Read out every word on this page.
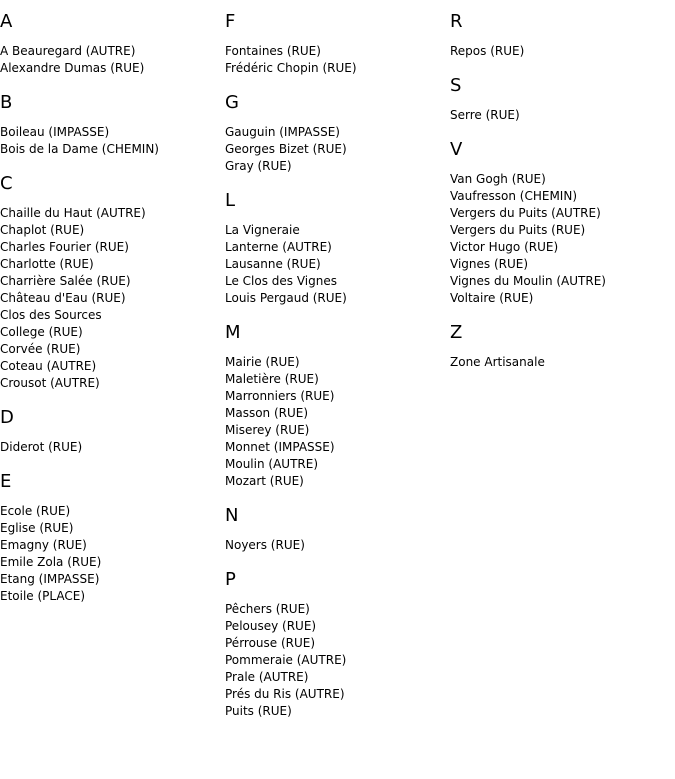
A
A Beauregard (AUTRE)
Alexandre Dumas (RUE)
B
Boileau (IMPASSE)
Bois de la Dame (CHEMIN)
C
Chaille du Haut (AUTRE)
Chaplot (RUE)
Charles Fourier (RUE)
Charlotte (RUE)
Charrière Salée (RUE)
Château d'Eau (RUE)
Clos des Sources
College (RUE)
Corvée (RUE)
Coteau (AUTRE)
Crousot (AUTRE)
D
Diderot (RUE)
E
Ecole (RUE)
Eglise (RUE)
Emagny (RUE)
Emile Zola (RUE)
Etang (IMPASSE)
Etoile (PLACE)
F
Fontaines (RUE)
Frédéric Chopin (RUE)
G
Gauguin (IMPASSE)
Georges Bizet (RUE)
Gray (RUE)
L
La Vigneraie
Lanterne (AUTRE)
Lausanne (RUE)
Le Clos des Vignes
Louis Pergaud (RUE)
M
Mairie (RUE)
Maletière (RUE)
Marronniers (RUE)
Masson (RUE)
Miserey (RUE)
Monnet (IMPASSE)
Moulin (AUTRE)
Mozart (RUE)
N
Noyers (RUE)
P
Pêchers (RUE)
Pelousey (RUE)
Pérrouse (RUE)
Pommeraie (AUTRE)
Prale (AUTRE)
Prés du Ris (AUTRE)
Puits (RUE)
R
Repos (RUE)
S
Serre (RUE)
V
Van Gogh (RUE)
Vaufresson (CHEMIN)
Vergers du Puits (AUTRE)
Vergers du Puits (RUE)
Victor Hugo (RUE)
Vignes (RUE)
Vignes du Moulin (AUTRE)
Voltaire (RUE)
Z
Zone Artisanale
